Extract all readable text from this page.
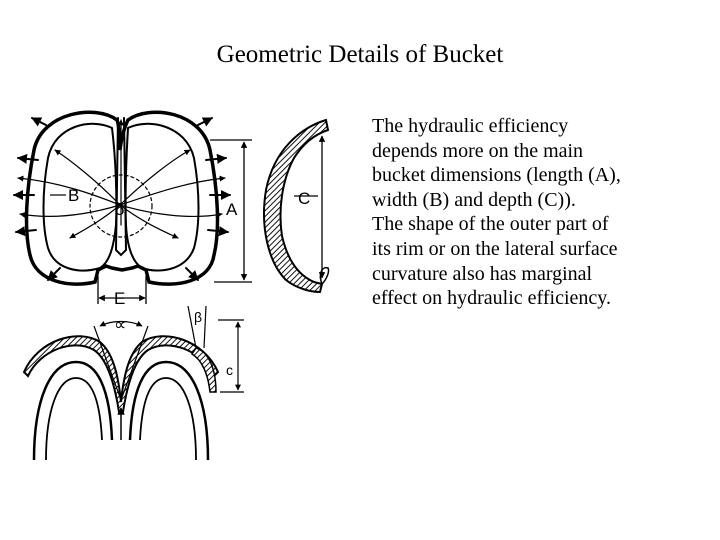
Geometric Details of Bucket
The hydraulic efficiency
depends more on the main
bucket dimensions (length (A),
width (B) and depth (C)).
The shape of the outer part of
its rim or on the lateral surface
curvature also has marginal
effect on hydraulic efficiency.
B
δ	A
E
C
∝	β
c
